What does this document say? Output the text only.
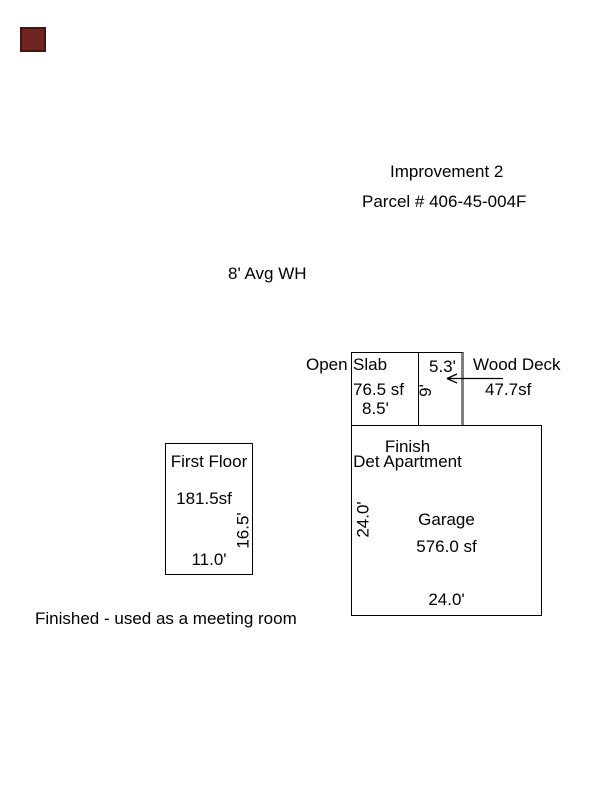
Improvement 2
Parcel # 406-45-004F
8' Avg WH
Open Slab
76.5 sf
8.5'
5.3'
9'
Wood Deck
47.7sf
Finish
Det Apartment
24.0'	Garage
576.0 sf
24.0'
First Floor
181.5sf
16.5'
11.0'
Finished - used as a meeting room
